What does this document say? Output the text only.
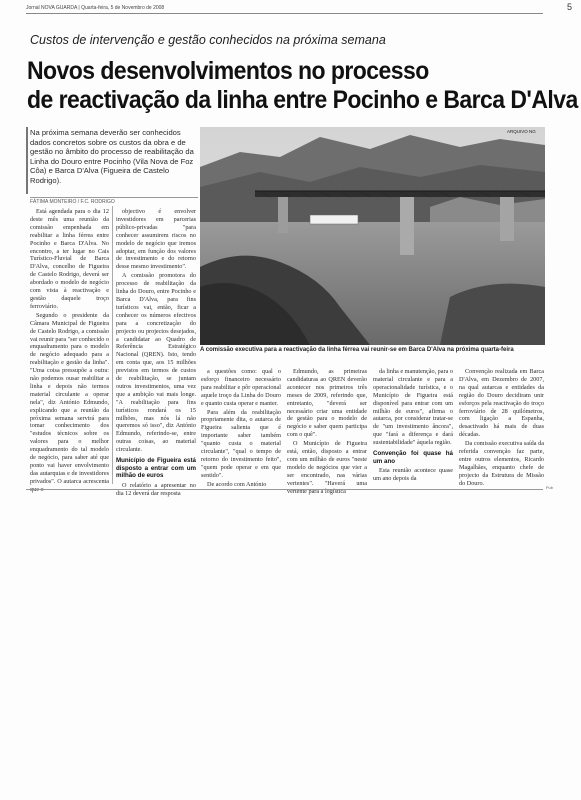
Jornal NOVA GUARDA | Quarta-feira, 5 de Novembro de 2008	5
Custos de intervenção e gestão conhecidos na próxima semana
Novos desenvolvimentos no processo
de reactivação da linha entre Pocinho e Barca D'Alva
Na próxima semana deverão ser conhecidos dados concretos sobre os custos da obra e de gestão no âmbito do processo de reabilitação da Linha do Douro entre Pocinho (Vila Nova de Foz Côa) e Barca D'Alva (Figueira de Castelo Rodrigo).
FÁTIMA MONTEIRO / F.C. RODRIGO
ARQUIVO NG
A comissão executiva para a reactivação da linha férrea vai reunir-se em Barca D'Alva na próxima quarta-feira

Está agendada para o dia 12 deste mês uma reunião da comissão empenhada em reabilitar a linha férrea entre Pocinho e Barca D'Alva. No encontro, a ter lugar no Cais Turístico-Fluvial de Barca D'Alva, concelho de Figueira de Castelo Rodrigo, deverá ser abordado o modelo de negócio com vista à reactivação e gestão daquele troço ferroviário.

Segundo o presidente da Câmara Municipal de Figueira de Castelo Rodrigo, a comissão vai reunir para "ser conhecido o enquadramento para o modelo de negócio adequado para a reabilitação e gestão da linha". "Uma coisa pressupõe a outra: não podemos ousar reabilitar a linha e depois não termos material circulante a operar nela", diz António Edmundo, explicando que a reunião da próxima semana servirá para tomar conhecimento dos "estudos técnicos sobre os valores para o melhor enquadramento do tal modelo de negócio, para saber até que ponto vai haver envolvimento das autarquias e de investidores privados". O autarca acrescenta que o

objectivo é envolver investidores em parcerias público-privadas "para conhecer assumirem riscos no modelo de negócio que iremos adoptar, em função dos valores de investimento e do retorno desse mesmo investimento".

A comissão promotora do processo de reabilitação da linha do Douro, entre Pocinho e Barca D'Alva, para fins turísticos vai, então, ficar a conhecer os números efectivos para a concretização do projecto ou projectos desejados, a candidatar ao Quadro de Referência Estratégico Nacional (QREN). Isto, tendo em conta que, aos 15 milhões previstos em termos de custos de reabilitação, se juntam outros investimentos, uma vez que a ambição vai mais longe. "A reabilitação para fins turísticos rondará os 15 milhões, mas nós lá não queremos só isso", diz António Edmundo, referindo-se, entre outras coisas, ao material circulante.

Município de Figueira está disposto a entrar com um milhão de euros

O relatório a apresentar no dia 12 deverá dar resposta

a questões como: qual o esforço financeiro necessário para reabilitar e pôr operacional aquele troço da Linha do Douro e quanto custa operar e manter.

Para além da reabilitação propriamente dita, o autarca de Figueira salienta que é importante saber também "quanto custa o material circulante", "qual o tempo de retorno do investimento feito", "quem pode operar e em que sentido".

De acordo com António

Edmundo, as primeiras candidaturas ao QREN deverão acontecer nos primeiros três meses de 2009, referindo que, entretanto, "deverá ser necessário criar uma entidade de gestão para o modelo de negócio e saber quem participa com o quê".

O Município de Figueira está, então, disposto a entrar com um milhão de euros "neste modelo de negócios que vier a ser encontrado, nas várias vertentes". "Haverá uma vertente para a logística

da linha e manutenção, para o material circulante e para a operacionalidade turística, e o Município de Figueira está disponível para entrar com um milhão de euros", afirma o autarca, por considerar tratar-se de "um investimento âncora", que "fará a diferença e dará sustentabilidade" àquela região.

Convenção foi quase há um ano

Esta reunião acontece quase um ano depois da

Convenção realizada em Barca D'Alva, em Dezembro de 2007, na qual autarcas e entidades da região do Douro decidiram unir esforços pela reactivação do troço ferroviário de 28 quilómetros, com ligação a Espanha, desactivado há mais de duas décadas.

Da comissão executiva saída da referida convenção faz parte, entre outros elementos, Ricardo Magalhães, enquanto chefe de projecto da Estrutura de Missão do Douro.

Pub
